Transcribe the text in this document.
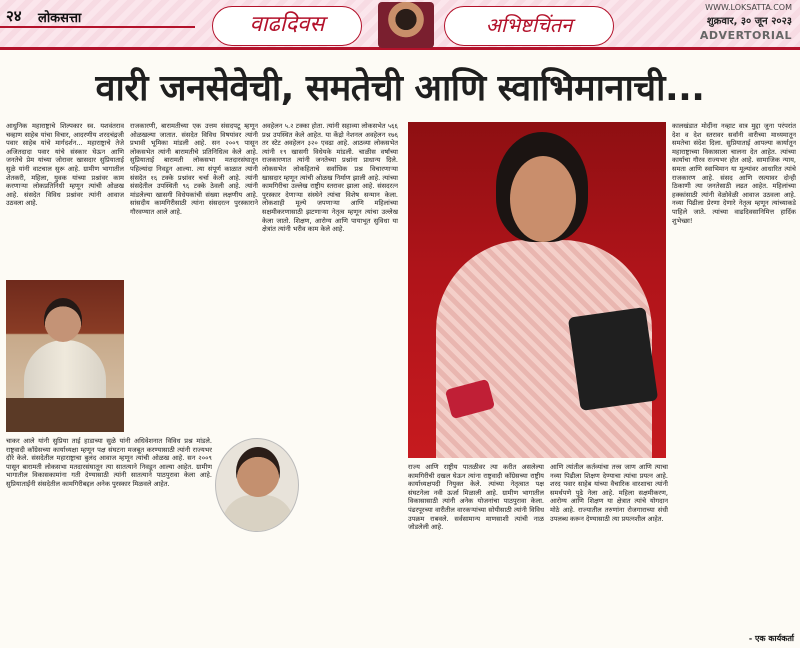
२४ लोकसत्ता	वाढदिवस	अभिष्टचिंतन
WWW.LOKSATTA.COM
शुक्रवार, ३० जून २०२३
ADVERTORIAL
वारी जनसेवेची, समतेची आणि स्वाभिमानाची...
आधुनिक महाराष्ट्राचे शिल्पकार स्व. यशवंतराव चव्हाण साहेब यांचा विचार, आदरणीय शरदचंद्रजी पवार साहेब यांचे मार्गदर्शन... महाराष्ट्राचे तेजे अजितदादा पवार यांचे संस्कार घेऊन आणि जनतेचे प्रेम यांच्या जोरावर खासदार सुप्रियाताई सुळे यांनी वाटचाल सुरू आहे. ग्रामीण भागातील शेतकरी, महिला, युवक यांच्या प्रश्नांवर काम करणाऱ्या लोकप्रतिनिधी म्हणून त्यांची ओळख आहे. संसदेत विविध प्रश्नांवर त्यांनी आवाज उठवला आहे.
चाकर आले यांनी सुप्रिया ताई हाडाच्या सुळे यांनी अधिवेशनात विविध प्रश्न मांडले. राष्ट्रवादी काँग्रेसच्या कार्याध्यक्षा म्हणून पक्ष संघटना मजबूत करण्यासाठी त्यांनी राज्यभर दौरे केले. संसदेतील महाराष्ट्राचा बुलंद आवाज म्हणून त्यांची ओळख आहे. सन २००९ पासून बारामती लोकसभा मतदारसंघातून त्या सातत्याने निवडून आल्या आहेत. ग्रामीण भागातील विकासकामांना गती देण्यासाठी त्यांनी सातत्याने पाठपुरावा केला आहे. सुप्रियाताईंनी संसदेतील कामगिरीबद्दल अनेक पुरस्कार मिळवले आहेत.
राजकारणी, बारामतीच्या एक उत्तम संसदपटू म्हणून ओळखल्या जातात. संसदेत विविध विषयांवर त्यांनी प्रभावी भूमिका मांडली आहे. सन २००९ पासून लोकसभेत त्यांनी बारामतीचे प्रतिनिधित्व केले आहे. सुप्रियाताई बारामती लोकसभा मतदारसंघातून पहिल्यांदा निवडून आल्या. त्या संपूर्ण काळात त्यांनी संसदेत १६ टक्के प्रश्नांवर चर्चा केली आहे. त्यांनी संसदेतील उपस्थिती ९६ टक्के ठेवली आहे. त्यांनी मांडलेल्या खासगी विधेयकांची संख्या लक्षणीय आहे. सांसदीय कामगिरीसाठी त्यांना संसदरत्न पुरस्काराने गौरवण्यात आले आहे.
अवहेलन ५.२ टक्का होता. त्यांनी सहाव्या लोकसभेत ५६६ प्रश्न उपस्थित केले आहेत. या केंद्रो नेशनल अवहेलन १७६ तर स्टेट अवहेलन ३२० एवढा आहे. आठव्या लोकसभेत त्यांनी १९ खासगी विधेयके मांडली. चाळीस वर्षांच्या राजकारणात त्यांनी जनतेच्या प्रश्नांना प्राधान्य दिले. लोकसभेत लोकहिताचे सर्वाधिक प्रश्न विचारणाऱ्या खासदार म्हणून त्यांची ओळख निर्माण झाली आहे. त्यांच्या कामगिरीचा उल्लेख राष्ट्रीय स्तरावर झाला आहे. संसदरत्न पुरस्कार देणाऱ्या संस्थेने त्यांचा विशेष सन्मान केला. लोकशाही मूल्ये जपणाऱ्या आणि महिलांच्या सक्षमीकरणासाठी झटणाऱ्या नेतृत्व म्हणून त्यांचा उल्लेख केला जातो. शिक्षण, आरोग्य आणि पायाभूत सुविधा या क्षेत्रांत त्यांनी भरीव काम केले आहे.
राज्य आणि राष्ट्रीय पातळीवर त्या करीत असलेल्या कामगिरीची दखल घेऊन त्यांना राष्ट्रवादी काँग्रेसच्या राष्ट्रीय कार्याध्यक्षपदी नियुक्त केले. त्यांच्या नेतृत्वात पक्ष संघटनेला नवी ऊर्जा मिळाली आहे. ग्रामीण भागातील विकासासाठी त्यांनी अनेक योजनांचा पाठपुरावा केला. पंढरपूरच्या वारीतील वारकऱ्यांच्या सोयीसाठी त्यांनी विविध उपक्रम राबवले. सर्वसामान्य माणसाशी त्यांची नाळ जोडलेली आहे.
आणि त्यांतील कर्तव्यांचा तत्त्व जाण आणि त्याचा नव्या पिढीला शिक्षण देण्याचा त्यांचा प्रयत्न आहे. शरद पवार साहेब यांच्या वैचारिक वारशाचा त्यांनी समर्थपणे पुढे नेला आहे. महिला सक्षमीकरण, आरोग्य आणि शिक्षण या क्षेत्रात त्यांचे योगदान मोठे आहे. राज्यातील तरुणांना रोजगाराच्या संधी उपलब्ध करून देण्यासाठी त्या प्रयत्नशील आहेत.
कालखंडात मोदींना नव्हाट वात्र मुद्दा जुना परंपरांत देश व देश स्तरावर सर्वांनी वारीच्या माध्यमातून समतेचा संदेश दिला. सुप्रियाताई आपल्या कार्यातून महाराष्ट्राच्या विकासाला चालना देत आहेत. त्यांच्या कार्याचा गौरव राज्यभर होत आहे. सामाजिक न्याय, समता आणि स्वाभिमान या मूल्यांवर आधारित त्यांचे राजकारण आहे. संसद आणि रस्त्यावर दोन्ही ठिकाणी त्या जनतेसाठी लढत आहेत. महिलांच्या हक्कांसाठी त्यांनी वेळोवेळी आवाज उठवला आहे. नव्या पिढीला प्रेरणा देणारे नेतृत्व म्हणून त्यांच्याकडे पाहिले जाते. त्यांच्या वाढदिवसानिमित्त हार्दिक शुभेच्छा!
- एक कार्यकर्ता
